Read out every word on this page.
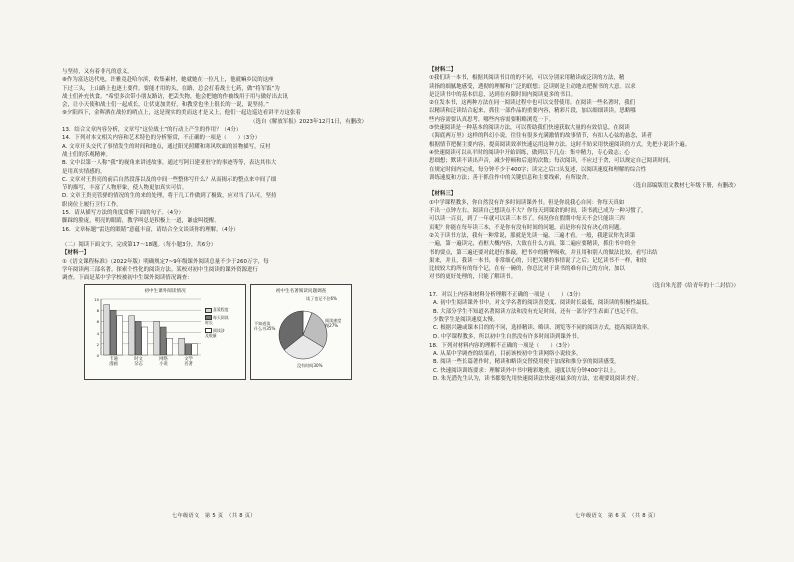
与坚持，又有着非凡的意义。

⑧作为富达达代电，许雅竟赴哈尔滨，收集素材，她就她在一位凡上，他就嘛乡民的这座

下过三头，上山路上也逐土要件。要能才用的头，在路，总会打着战士七药，做“将军饭”为

战士们补充伙食。“希望多次带小朋友路访，把丢失物，他会把她的作被线用于用与做好出去讯

会，让小天使和战士们一起成长，让伏更加美好，和教堂也坐上很长的一说，说坚持。”

⑨夕阳西下，金晖洒在战位的哨点上，这是现实的美而这才是又上，他们一起边巡边看讲平方这张着

（选自《解放军报》2023年12月1日，有删改）

13．结合文章内容分析，文章写“这位战士”的行动上产生的作用？（4分）

14．下列对本文相关内容和艺术特色的分析鉴赏，不正确的一项是（　　）（3分）

A. 文章开头交代了事情发生的时间和地点，通过阳光照耀和寒风吹面的景物描写，反衬

战士们的乐观精神。

B. 文中以第一人称“我”的视角来讲述故事，通过写阿日建亚驻守的事迹等等，表达其伟大

是用真实情感的。

C. 文章对王贵亮的前后自然段落以及的中间一些整体写什么？从而揭示的整点来中间了细

节的描写，丰富了人物形象，使人物更加真实可信。

D. 文章王贵亮管驿的情况的生的来的处理，将于几工作做到了极致，应对当了认可，坚持

职岗位上履行卫行工作。

15．请从描写方法的角度赏析下面的句子。（4分）

脚踩的脸庞，明亮的眼睛，教学叫总是积极上一道，谦虚叫提醒。

16．文章标题“雷达的眼睛”意蕴丰富，请结合全文谈谈你的理解。（4分）

（二）阅读下面文字，完成第17～18题。（每小题3分，共6分）

【材料一】

①《语文课程标准》（2022年版）明确规定7~9年级课外阅读总量不少于260万字，每

学年阅读两三部名著。探索个性化的阅读方法。某校对初中生阅读的课外资源进行

调查。下面是某中学学校被初中生课外阅读情况调查：

初中生课外阅读情况
10
8
6
4
2
0
卡通
漫画
时文
杂志
网络
小说
文学
名著
喜爱程度
每天阅读
时长
阅读涉
及数量
初中生名著阅读问题调查
读了也记不住6%
不知道读
什么书35%
阅读速度
慢27%
没有时间30%
七年级语文　第 5 页　（共 8 页）

【材料二】

①我们读一本书，根据其阅读书目的的不同，可以分别采用精读或泛读的方法，精

读指的细腻地感受，透彻的理解和广泛的联想；泛读则是主动地去把握书的大意。以求

是泛读书中的基本信息，达到在有限时间内阅读更多的书目。

②在发本书，这两种方法在同一阅读过程中也可以交替使用。在阅读一些名著时，我们

以精读和泛读结合起来，抓住一部作品的重要内容，精彩片段，加以细细读读。思略哪

些内容需要认真思考，哪些内容需要粗略浏览一下。

③快速阅读是一种基本的阅读方法，可以帮助我们快速获取大量的有效信息，在阅读

《海底两万里》这样的科幻小说，往往有很多充满激情的故事情节，有扣人心弦的悬念，读者

根据情节把握主要内容，提高阅读效率快速运用这种方法。这时不妨采用快速阅读的方式，先把小说读个遍。

④快速阅读可以从平时的阅读中开始训练，做到以下几点：集中精力，专心致志；心

思细想；默读不读出声音，减少停顿和后退的次数；每次阅读，不应过于贪，可以规定自己阅读时间，

在规定时间内完成，每分钟不少于400字；读完之后口头复述，以阅读速度和理解的综合性

训练速度和方法；善于抓住作中的关键信息和主要线索，有所取舍。

（选自部编版语文教材七年级下册，有删改）

【材料三】

①中学课程教多，你自然没有许多时间读课外书。但是你说我心自问：你每天真如

不出一点钟左右，阅读自己想读点不大？你每天到课余的时间，读书就已成为一种习惯了，

可以读一百页，到了一年就可以读三本书了。何况你在假期中每天不会只能读三四

页呢？你能在每年读三本，不是你有没有时间的问题，而是你有没有决心的问题。

②关于读书方法，我有一种常说，那就是先读一遍，三遍才看。一般，我建议你先读第

一遍，第一遍读完，看框大概内容，大致在什么方面，第二遍应要精读，抓住书中的全

书的要点，第三遍还要对此进行推敲，把书中的精华吸收，并且用和别人的做法比较，看写出结

果来，并且，我读一本书，非常细心的，只把关键的事情说了之后；记忆读书不一样，和较

比较较大的所有的每个记，在有一碗的，你总比对于读书的难有自己的方向，加以

对书的更好处理的，只能了解读书。

（选自朱光潜《给青年的十二封信》）

17．对以上内容和材料分析理解不正确的一项是（　　）（3分）

A. 初中生阅读课外书中，对文学名著的阅读喜爱度、阅读时长最低，阅读读的积极性最低。

B. 大部分学生不知道名著阅读方法和没有充足时间，还有一部分学生表面了也记不住，

少数学生是阅读速度太慢。

C. 根据兴趣或课本目的的不同，选择精读、略读、浏览等不同的阅读方式，提高阅读效率。

D. 中学课程教多，所以初中生自然没有许多时间读到课外书。

18．下列对材料内容的理解不正确的一项是（　　）（3分）

A. 从某中学调查的结果看，目前该校初中生读网络小说较多。

B. 阅读一些长篇著作时，精读和略读交替使用便于加深和推分享的阅读感受。

C. 快速阅读训练要求：理解读外中书中精彩地重，速度以每分钟400字以上。

D. 朱光潜先生认为，读书都要先用快速阅读法快速对最多的方法，宏观要说阅读才好。

七年级语文　第 6 页　（共 8 页）
